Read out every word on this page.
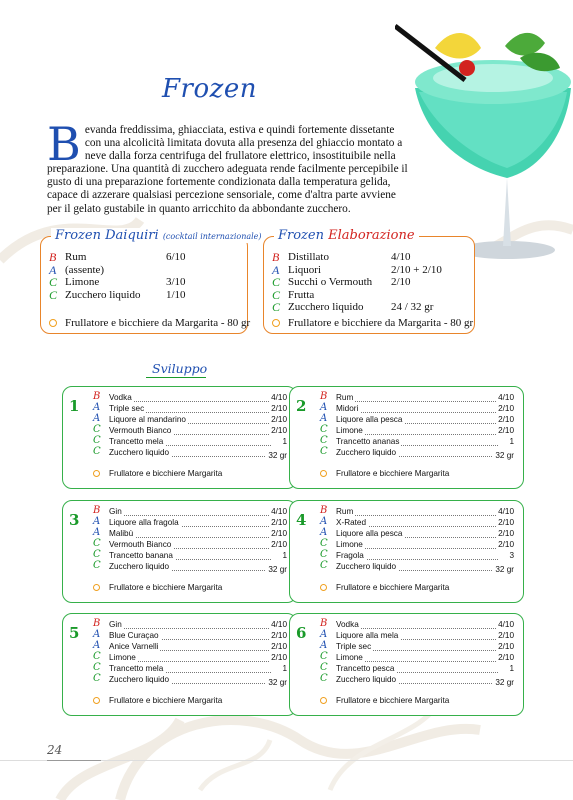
Frozen
B evanda freddissima, ghiacciata, estiva e quindi fortemente dissetante con una alcolicità limitata dovuta alla presenza del ghiaccio montato a neve dalla forza centrifuga del frullatore elettrico, insostituibile nella preparazione. Una quantità di zucchero adeguata rende facilmente percepibile il gusto di una preparazione fortemente condizionata dalla temperatura gelida, capace di azzerare qualsiasi percezione sensoriale, come d'altra parte avviene per il gelato gustabile in quanto arricchito da abbondante zucchero.
Frozen Daiquiri (cocktail internazionale)
B Rum	6/10
A (assente)
C Limone	3/10
C Zucchero liquido 1/10
Frullatore e bicchiere da Margarita - 80 gr
Frozen Elaborazione
B Distillato	4/10
A Liquori	2/10 + 2/10
C Succhi o Vermouth 2/10
C Frutta
C Zucchero liquido	24 / 32 gr
Frullatore e bicchiere da Margarita - 80 gr
Sviluppo
1
B Vodka	4/10
A Triple sec	2/10
A Liquore al mandarino	2/10
C Vermouth Bianco	2/10
C Trancetto mela	1
C Zucchero liquido	32 gr
Frullatore e bicchiere Margarita
2
B Rum	4/10
A Midori	2/10
A Liquore alla pesca	2/10
C Limone	2/10
C Trancetto ananas	1
C Zucchero liquido	32 gr
Frullatore e bicchiere Margarita
3
B Gin	4/10
A Liquore alla fragola	2/10
A Malibù	2/10
C Vermouth Bianco	2/10
C Trancetto banana	1
C Zucchero liquido	32 gr
Frullatore e bicchiere Margarita
4
B Rum	4/10
A X-Rated	2/10
A Liquore alla pesca	2/10
C Limone	2/10
C Fragola	3
C Zucchero liquido	32 gr
Frullatore e bicchiere Margarita
5
B Gin	4/10
A Blue Curaçao	2/10
A Anice Varnelli	2/10
C Limone	2/10
C Trancetto mela	1
C Zucchero liquido	32 gr
Frullatore e bicchiere Margarita
6
B Vodka	4/10
A Liquore alla mela	2/10
A Triple sec	2/10
C Limone	2/10
C Trancetto pesca	1
C Zucchero liquido	32 gr
Frullatore e bicchiere Margarita
24
